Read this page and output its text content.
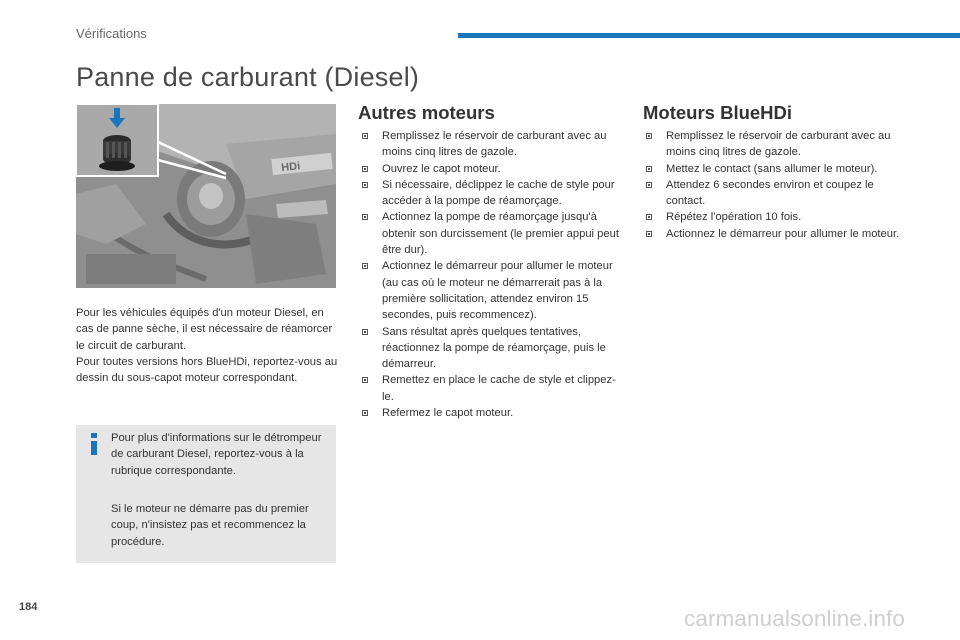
Vérifications
Panne de carburant (Diesel)
HDi

Pour les véhicules équipés d'un moteur Diesel, en cas de panne sèche, il est nécessaire de réamorcer le circuit de carburant.

Pour toutes versions hors BlueHDi, reportez-vous au dessin du sous-capot moteur correspondant.

Pour plus d'informations sur le détrompeur de carburant Diesel, reportez-vous à la rubrique correspondante.

Si le moteur ne démarre pas du premier coup, n'insistez pas et recommencez la procédure.

Autres moteurs
Remplissez le réservoir de carburant avec au moins cinq litres de gazole.
Ouvrez le capot moteur.
Si nécessaire, déclippez le cache de style pour accéder à la pompe de réamorçage.
Actionnez la pompe de réamorçage jusqu'à obtenir son durcissement (le premier appui peut être dur).
Actionnez le démarreur pour allumer le moteur (au cas où le moteur ne démarrerait pas à la première sollicitation, attendez environ 15 secondes, puis recommencez).
Sans résultat après quelques tentatives, réactionnez la pompe de réamorçage, puis le démarreur.
Remettez en place le cache de style et clippez-le.
Refermez le capot moteur.
Moteurs BlueHDi
Remplissez le réservoir de carburant avec au moins cinq litres de gazole.
Mettez le contact (sans allumer le moteur).
Attendez 6 secondes environ et coupez le contact.
Répétez l'opération 10 fois.
Actionnez le démarreur pour allumer le moteur.
184	carmanualsonline.info
